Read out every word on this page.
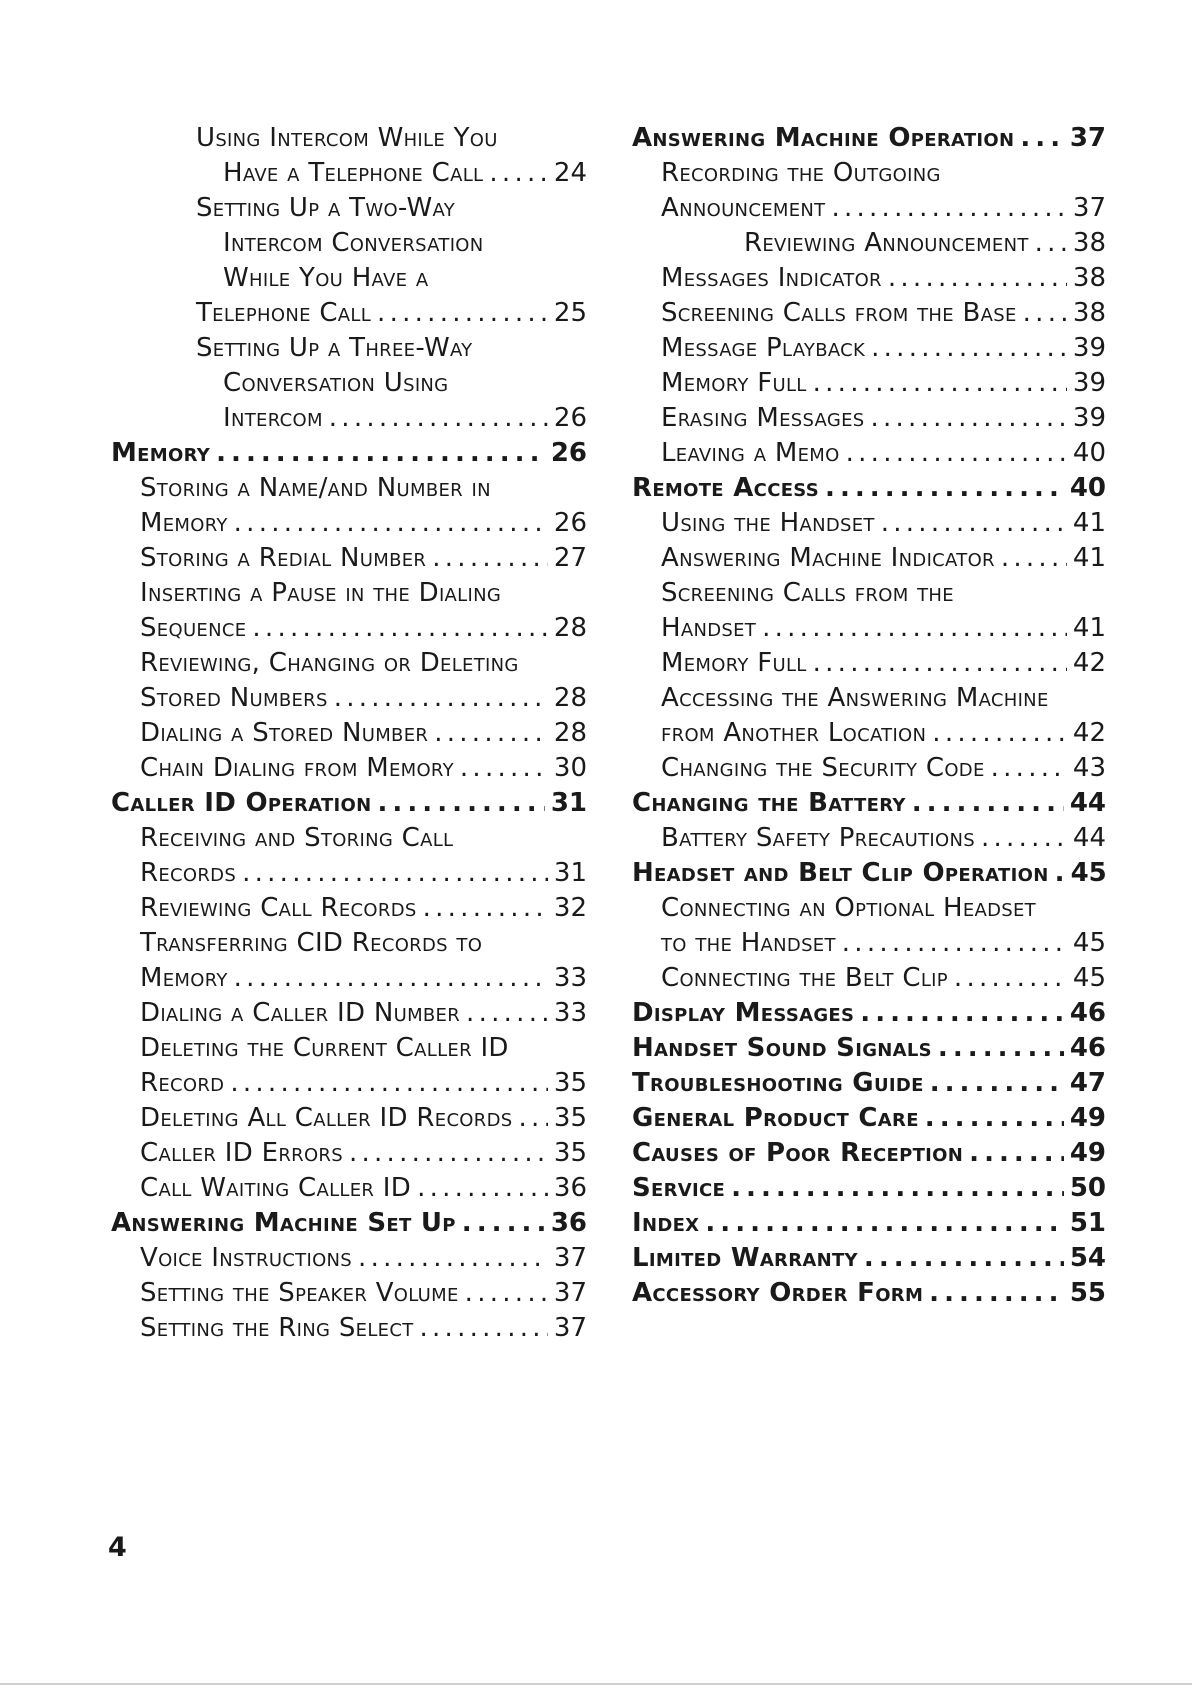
Using Intercom While You
Have a Telephone Call . . .	24
Setting Up a Two-Way
Intercom Conversation
While You Have a
Telephone Call . . .	25
Setting Up a Three-Way
Conversation Using
Intercom . . .	26
Memory . . .	26
Storing a Name/and Number in
Memory . . .	26
Storing a Redial Number . . .	27
Inserting a Pause in the Dialing
Sequence . . .	28
Reviewing, Changing or Deleting
Stored Numbers . . .	28
Dialing a Stored Number . . .	28
Chain Dialing from Memory . . .	30
Caller ID Operation . . .	31
Receiving and Storing Call
Records . . .	31
Reviewing Call Records . . .	32
Transferring CID Records to
Memory . . .	33
Dialing a Caller ID Number . . .	33
Deleting the Current Caller ID
Record . . .	35
Deleting All Caller ID Records . . . 35
Caller ID Errors . . .	35
Call Waiting Caller ID . . .	36
Answering Machine Set Up . . .	36
Voice Instructions . . .	37
Setting the Speaker Volume . . .	37
Setting the Ring Select . . .	37
Answering Machine Operation . . . 37
Recording the Outgoing
Announcement . . .	37
Reviewing Announcement . . . 38
Messages Indicator . . .	38
Screening Calls from the Base . . . 38
Message Playback . . .	39
Memory Full . . .	39
Erasing Messages . . .	39
Leaving a Memo . . .	40
Remote Access . . .	40
Using the Handset . . .	41
Answering Machine Indicator . . .	41
Screening Calls from the
Handset . . .	41
Memory Full . . .	42
Accessing the Answering Machine
from Another Location . . .	42
Changing the Security Code . . .	43
Changing the Battery . . .	44
Battery Safety Precautions . . .	44
Headset and Belt Clip Operation . . . 45
Connecting an Optional Headset
to the Handset . . .	45
Connecting the Belt Clip . . .	45
Display Messages . . .	46
Handset Sound Signals . . .	46
Troubleshooting Guide . . .	47
General Product Care . . .	49
Causes of Poor Reception . . .	49
Service . . .	50
Index . . .	51
Limited Warranty . . .	54
Accessory Order Form . . .	55
4
